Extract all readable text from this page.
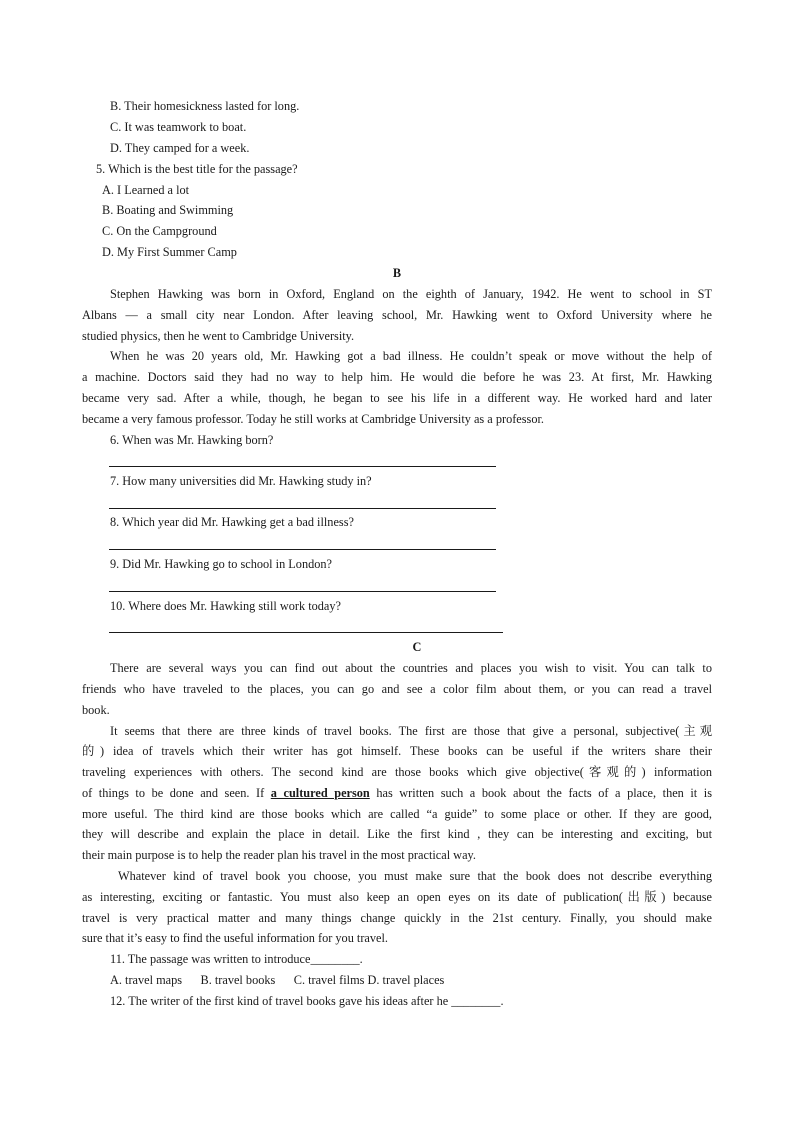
B. Their homesickness lasted for long.
C. It was teamwork to boat.
D. They camped for a week.
5. Which is the best title for the passage?
A. I Learned a lot
B. Boating and Swimming
C. On the Campground
D. My First Summer Camp
B
Stephen Hawking was born in Oxford, England on the eighth of January, 1942. He went to school in ST
Albans — a small city near London. After leaving school, Mr. Hawking went to Oxford University where he
studied physics, then he went to Cambridge University.
When he was 20 years old, Mr. Hawking got a bad illness. He couldn’t speak or move without the help of
a machine. Doctors said they had no way to help him. He would die before he was 23. At first, Mr. Hawking
became very sad. After a while, though, he began to see his life in a different way. He worked hard and later
became a very famous professor. Today he still works at Cambridge University as a professor.
6. When was Mr. Hawking born?
7. How many universities did Mr. Hawking study in?
8. Which year did Mr. Hawking get a bad illness?
9. Did Mr. Hawking go to school in London?
10. Where does Mr. Hawking still work today?
C
There are several ways you can find out about the countries and places you wish to visit. You can talk to
friends who have traveled to the places, you can go and see a color film about them, or you can read a travel
book.
It seems that there are three kinds of travel books. The first are those that give a personal, subjective(主观
的) idea of travels which their writer has got himself. These books can be useful if the writers share their
traveling experiences with others. The second kind are those books which give objective(客观的) information
of things to be done and seen. If a cultured person has written such a book about the facts of a place, then it is
more useful. The third kind are those books which are called “a guide” to some place or other. If they are good,
they will describe and explain the place in detail. Like the first kind , they can be interesting and exciting, but
their main purpose is to help the reader plan his travel in the most practical way.
Whatever kind of travel book you choose, you must make sure that the book does not describe everything
as interesting, exciting or fantastic. You must also keep an open eyes on its date of publication(出版) because
travel is very practical matter and many things change quickly in the 21st century. Finally, you should make
sure that it’s easy to find the useful information for you travel.
11. The passage was written to introduce________.
A. travel maps      B. travel books      C. travel films D. travel places
12. The writer of the first kind of travel books gave his ideas after he ________.
